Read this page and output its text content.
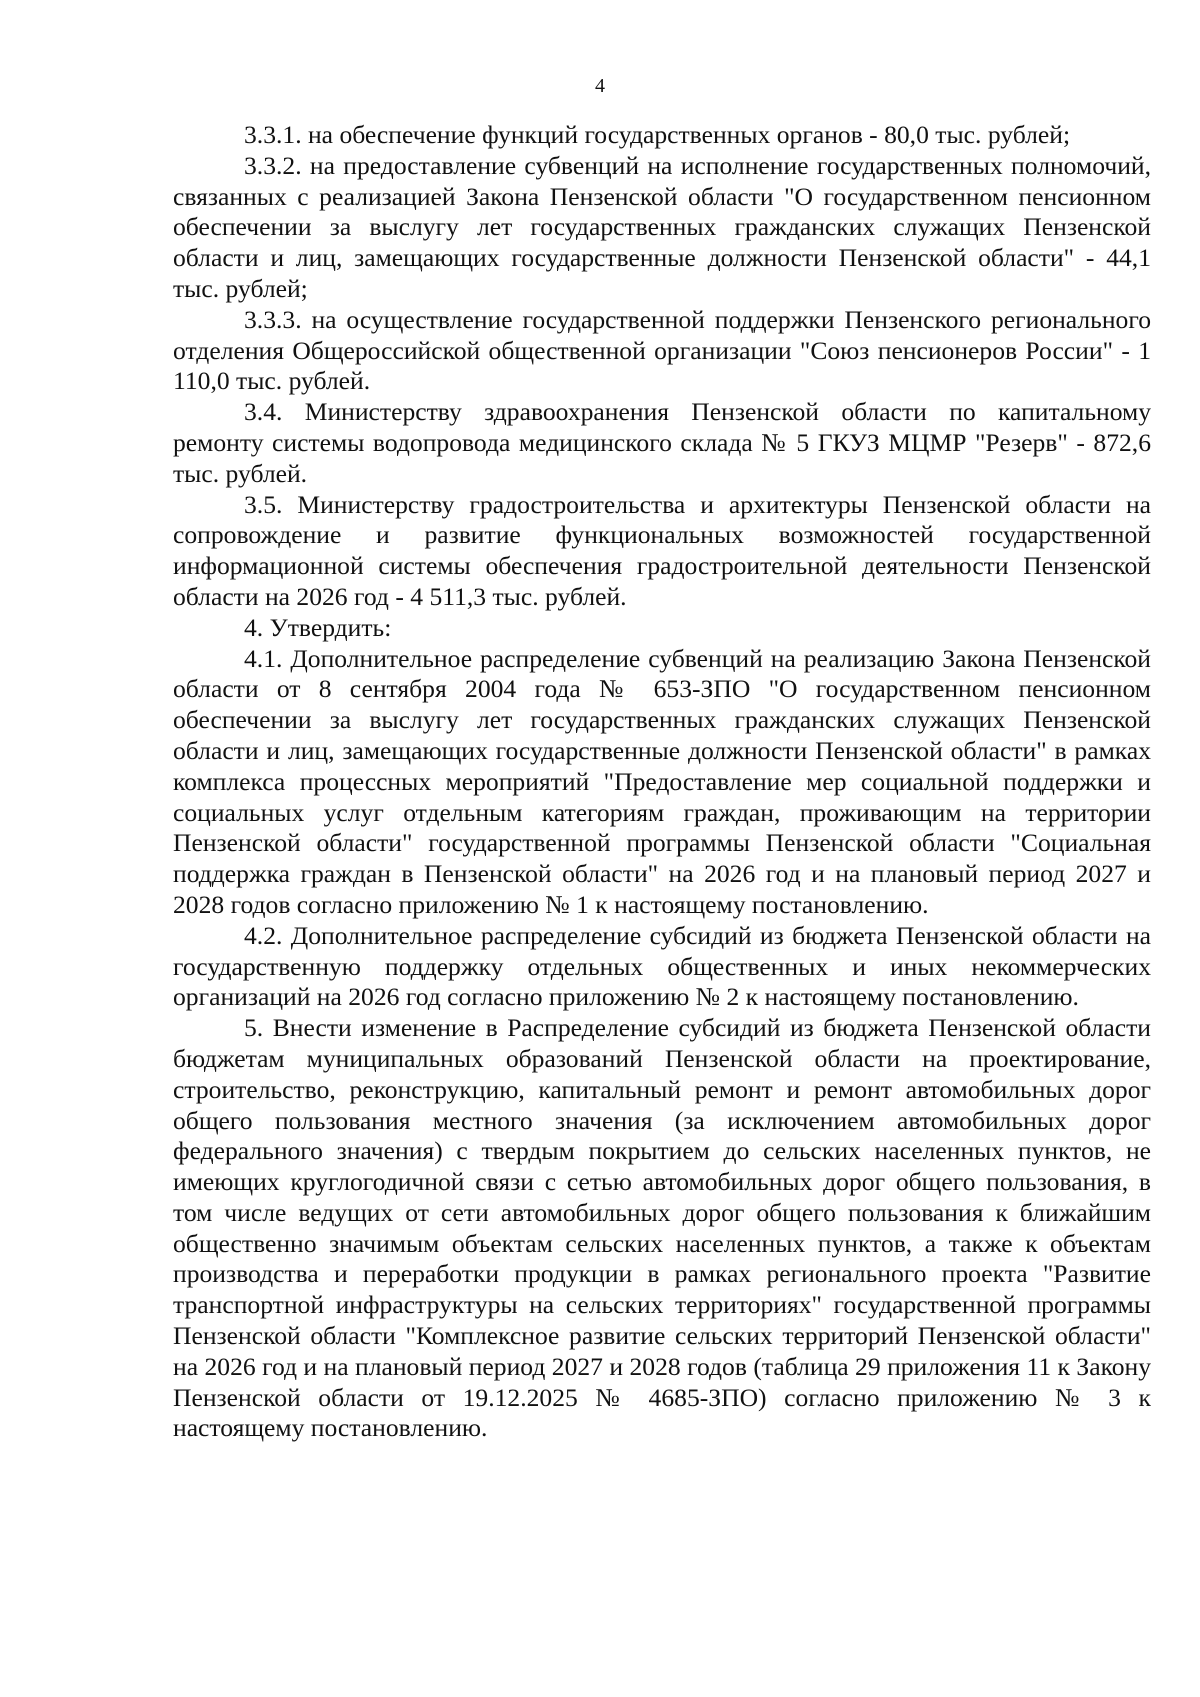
4

3.3.1. на обеспечение функций государственных органов - 80,0 тыс. рублей;

3.3.2. на предоставление субвенций на исполнение государственных полномочий, связанных с реализацией Закона Пензенской области "О государственном пенсионном обеспечении за выслугу лет государственных гражданских служащих Пензенской области и лиц, замещающих государственные должности Пензенской области" - 44,1 тыс. рублей;

3.3.3. на осуществление государственной поддержки Пензенского регионального отделения Общероссийской общественной организации "Союз пенсионеров России" - 1 110,0 тыс. рублей.

3.4. Министерству здравоохранения Пензенской области по капитальному ремонту системы водопровода медицинского склада № 5 ГКУЗ МЦМР "Резерв" - 872,6 тыс. рублей.

3.5. Министерству градостроительства и архитектуры Пензенской области на сопровождение и развитие функциональных возможностей государственной информационной системы обеспечения градостроительной деятельности Пензенской области на 2026 год - 4 511,3 тыс. рублей.

4. Утвердить:

4.1. Дополнительное распределение субвенций на реализацию Закона Пензенской области от 8 сентября 2004 года № 653-ЗПО "О государственном пенсионном обеспечении за выслугу лет государственных гражданских служащих Пензенской области и лиц, замещающих государственные должности Пензенской области" в рамках комплекса процессных мероприятий "Предоставление мер социальной поддержки и социальных услуг отдельным категориям граждан, проживающим на территории Пензенской области" государственной программы Пензенской области "Социальная поддержка граждан в Пензенской области" на 2026 год и на плановый период 2027 и 2028 годов согласно приложению № 1 к настоящему постановлению.

4.2. Дополнительное распределение субсидий из бюджета Пензенской области на государственную поддержку отдельных общественных и иных некоммерческих организаций на 2026 год согласно приложению № 2 к настоящему постановлению.

5. Внести изменение в Распределение субсидий из бюджета Пензенской области бюджетам муниципальных образований Пензенской области на проектирование, строительство, реконструкцию, капитальный ремонт и ремонт автомобильных дорог общего пользования местного значения (за исключением автомобильных дорог федерального значения) с твердым покрытием до сельских населенных пунктов, не имеющих круглогодичной связи с сетью автомобильных дорог общего пользования, в том числе ведущих от сети автомобильных дорог общего пользования к ближайшим общественно значимым объектам сельских населенных пунктов, а также к объектам производства и переработки продукции в рамках регионального проекта "Развитие транспортной инфраструктуры на сельских территориях" государственной программы Пензенской области "Комплексное развитие сельских территорий Пензенской области" на 2026 год и на плановый период 2027 и 2028 годов (таблица 29 приложения 11 к Закону Пензенской области от 19.12.2025 № 4685-ЗПО) согласно приложению № 3 к настоящему постановлению.
